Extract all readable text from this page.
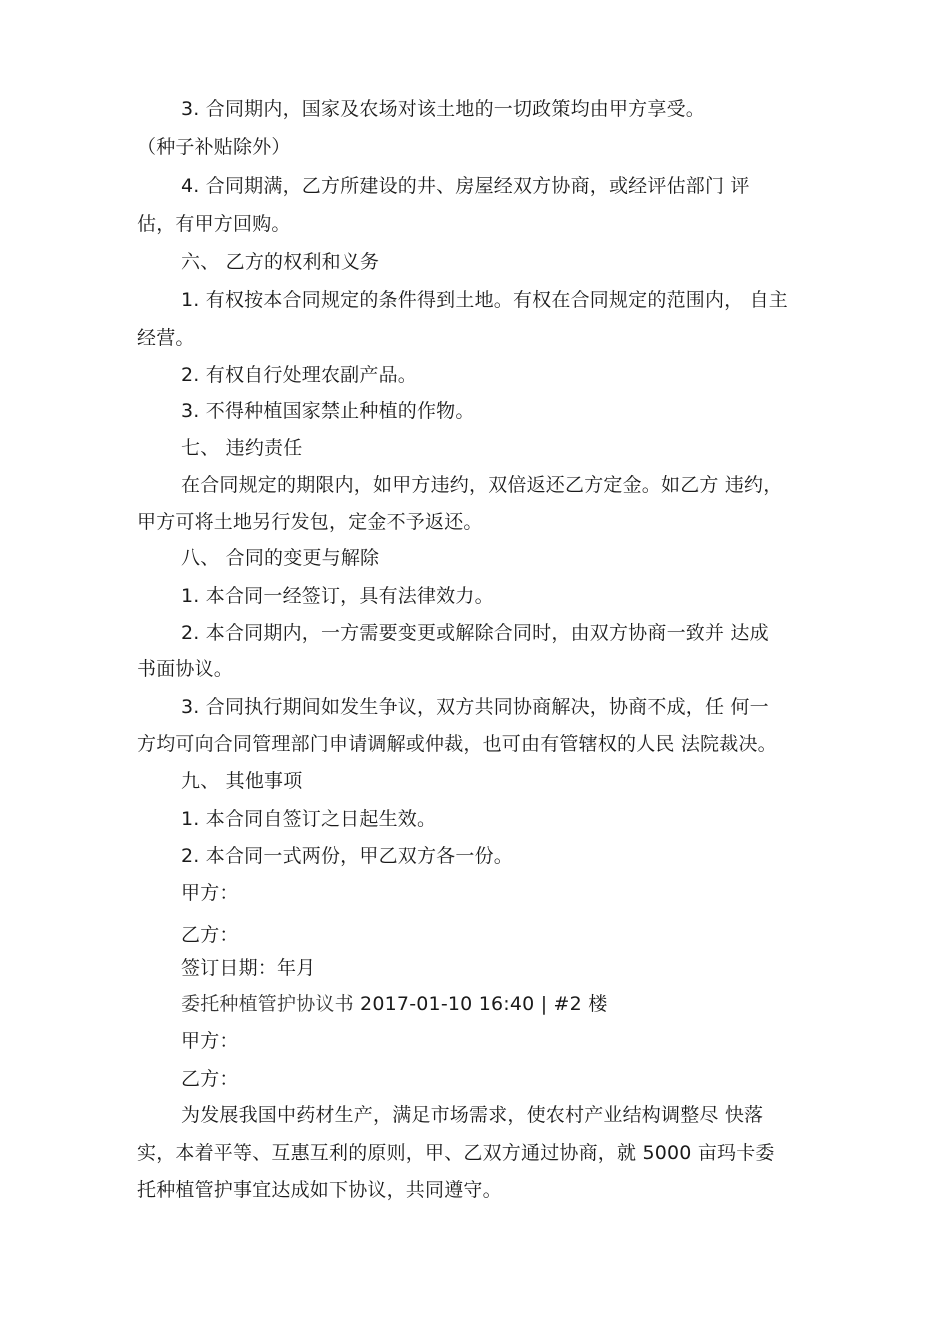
3. 合同期内，国家及农场对该土地的一切政策均由甲方享受。
（种子补贴除外）
4. 合同期满，乙方所建设的井、房屋经双方协商，或经评估部门 评
估，有甲方回购。
六、 乙方的权利和义务
1. 有权按本合同规定的条件得到土地。有权在合同规定的范围内， 自主
经营。
2. 有权自行处理农副产品。
3. 不得种植国家禁止种植的作物。
七、 违约责任
在合同规定的期限内，如甲方违约，双倍返还乙方定金。如乙方 违约，
甲方可将土地另行发包，定金不予返还。
八、 合同的变更与解除
1. 本合同一经签订，具有法律效力。
2. 本合同期内，一方需要变更或解除合同时，由双方协商一致并 达成
书面协议。
3. 合同执行期间如发生争议，双方共同协商解决，协商不成，任 何一
方均可向合同管理部门申请调解或仲裁，也可由有管辖权的人民 法院裁决。
九、 其他事项
1. 本合同自签订之日起生效。
2. 本合同一式两份，甲乙双方各一份。
甲方：
乙方：
签订日期：年月
委托种植管护协议书 2017-01-10 16:40 | #2 楼
甲方：
乙方：
为发展我国中药材生产，满足市场需求，使农村产业结构调整尽 快落
实，本着平等、互惠互利的原则，甲、乙双方通过协商，就 5000 亩玛卡委
托种植管护事宜达成如下协议，共同遵守。
